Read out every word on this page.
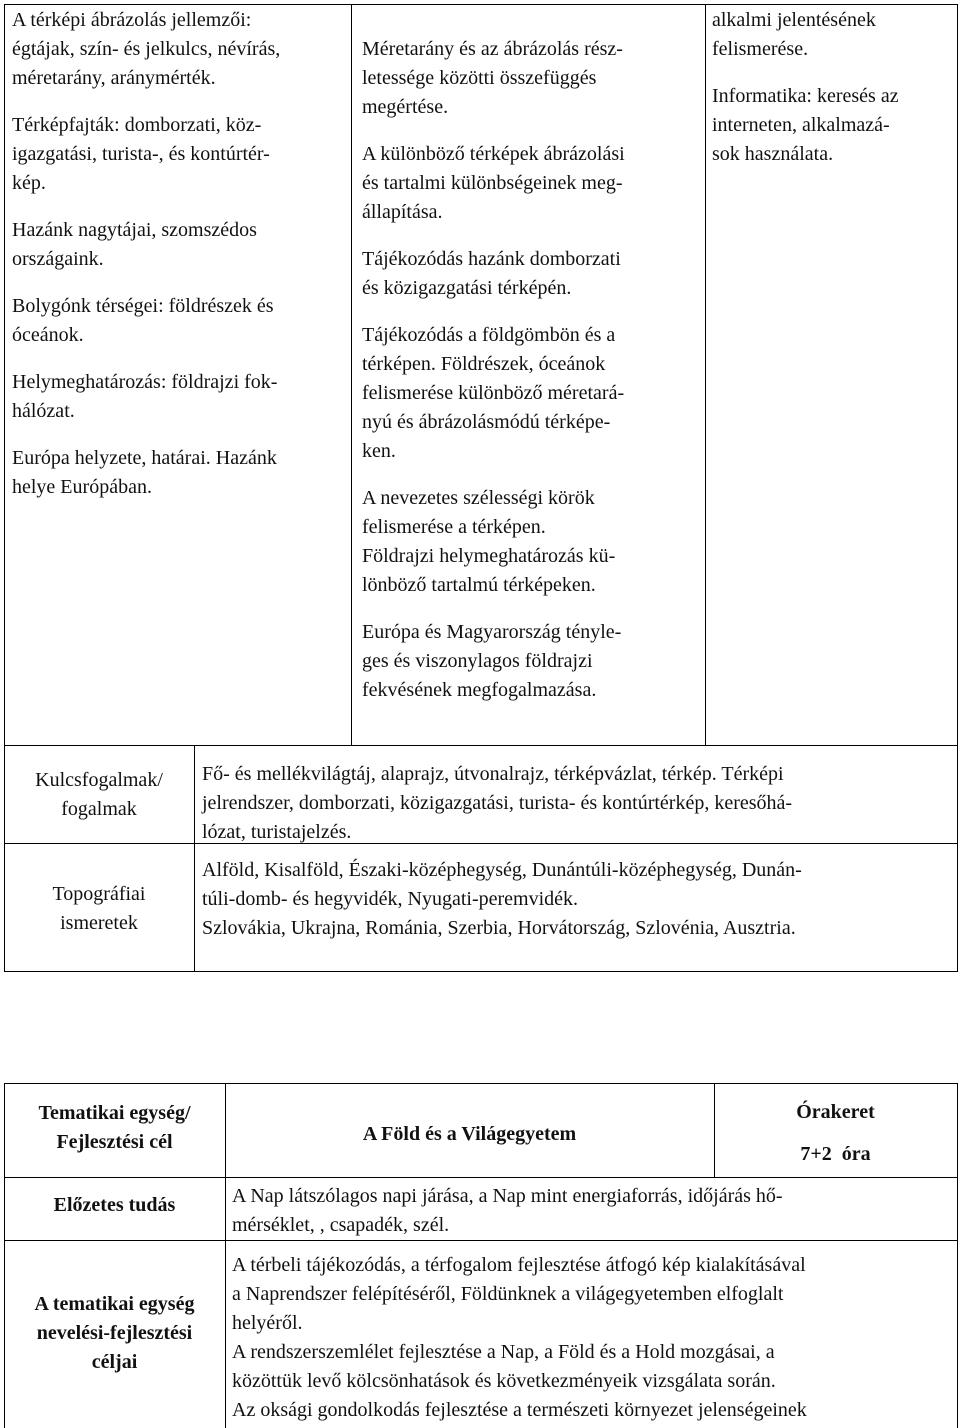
A térképi ábrázolás jellemzői:
égtájak, szín- és jelkulcs, névírás,
méretarány, aránymérték.

Térképfajták: domborzati, köz-
igazgatási, turista-, és kontúrtér-
kép.

Hazánk nagytájai, szomszédos
országaink.

Bolygónk térségei: földrészek és
óceánok.

Helymeghatározás: földrajzi fok-
hálózat.

Európa helyzete, határai. Hazánk
helye Európában.

Méretarány és az ábrázolás rész-
letessége közötti összefüggés
megértése.

A különböző térképek ábrázolási
és tartalmi különbségeinek meg-
állapítása.

Tájékozódás hazánk domborzati
és közigazgatási térképén.

Tájékozódás a földgömbön és a
térképen. Földrészek, óceánok
felismerése különböző méretará-
nyú és ábrázolásmódú térképe-
ken.

A nevezetes szélességi körök
felismerése a térképen.
Földrajzi helymeghatározás kü-
lönböző tartalmú térképeken.

Európa és Magyarország tényle-
ges és viszonylagos földrajzi
fekvésének megfogalmazása.

alkalmi jelentésének
felismerése.

Informatika: keresés az
interneten, alkalmazá-
sok használata.

Kulcsfogalmak/
fogalmak

Fő- és mellékvilágtáj, alaprajz, útvonalrajz, térképvázlat, térkép. Térképi
jelrendszer, domborzati, közigazgatási, turista- és kontúrtérkép, keresőhá-
lózat, turistajelzés.

Topográfiai
ismeretek

Alföld, Kisalföld, Északi-középhegység, Dunántúli-középhegység, Dunán-
túli-domb- és hegyvidék, Nyugati-peremvidék.
Szlovákia, Ukrajna, Románia, Szerbia, Horvátország, Szlovénia, Ausztria.

Tematikai egység/
Fejlesztési cél	A Föld és a Világegyetem
Órakeret
7+2  óra
Előzetes tudás	A Nap látszólagos napi járása, a Nap mint energiaforrás, időjárás hő-
mérséklet, , csapadék, szél.

A tematikai egység
nevelési-fejlesztési
céljai

A térbeli tájékozódás, a térfogalom fejlesztése átfogó kép kialakításával
a Naprendszer felépítéséről, Földünknek a világegyetemben elfoglalt
helyéről.
A rendszerszemlélet fejlesztése a Nap, a Föld és a Hold mozgásai, a
közöttük levő kölcsönhatások és következményeik vizsgálata során.
Az oksági gondolkodás fejlesztése a természeti környezet jelenségeinek
